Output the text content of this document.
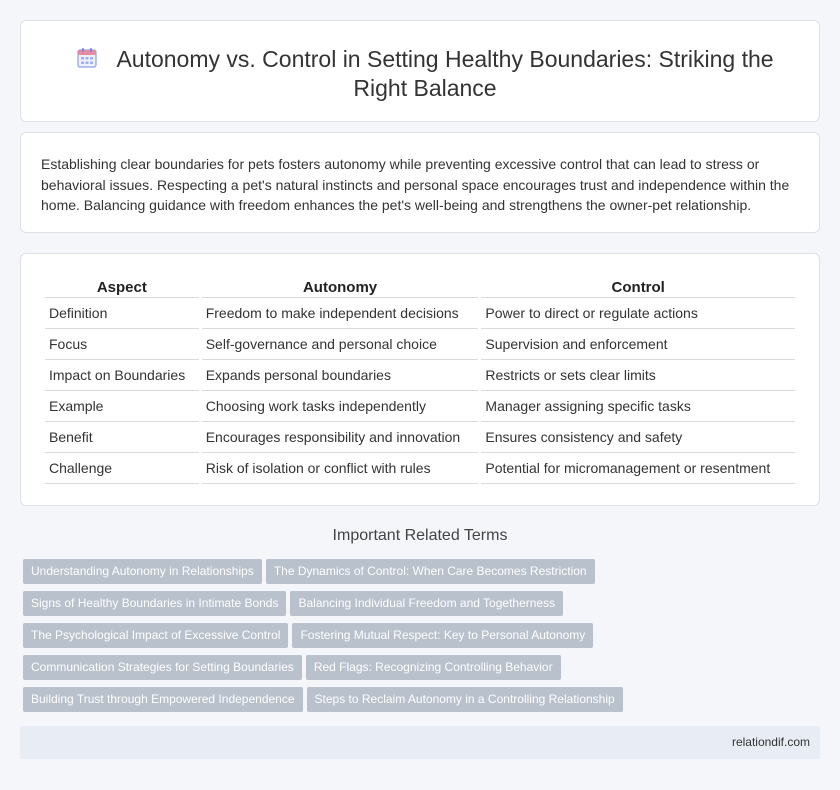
Autonomy vs. Control in Setting Healthy Boundaries: Striking the Right Balance

Establishing clear boundaries for pets fosters autonomy while preventing excessive control that can lead to stress or behavioral issues. Respecting a pet's natural instincts and personal space encourages trust and independence within the home. Balancing guidance with freedom enhances the pet's well-being and strengthens the owner-pet relationship.

Aspect	Autonomy	Control
Definition	Freedom to make independent decisions	Power to direct or regulate actions
Focus	Self-governance and personal choice	Supervision and enforcement
Impact on Boundaries	Expands personal boundaries	Restricts or sets clear limits
Example	Choosing work tasks independently	Manager assigning specific tasks
Benefit	Encourages responsibility and innovation	Ensures consistency and safety
Challenge	Risk of isolation or conflict with rules	Potential for micromanagement or resentment
Important Related Terms
Understanding Autonomy in Relationships The Dynamics of Control: When Care Becomes Restriction
Signs of Healthy Boundaries in Intimate Bonds Balancing Individual Freedom and Togetherness
The Psychological Impact of Excessive Control Fostering Mutual Respect: Key to Personal Autonomy
Communication Strategies for Setting Boundaries Red Flags: Recognizing Controlling Behavior
Building Trust through Empowered Independence Steps to Reclaim Autonomy in a Controlling Relationship
relationdif.com
